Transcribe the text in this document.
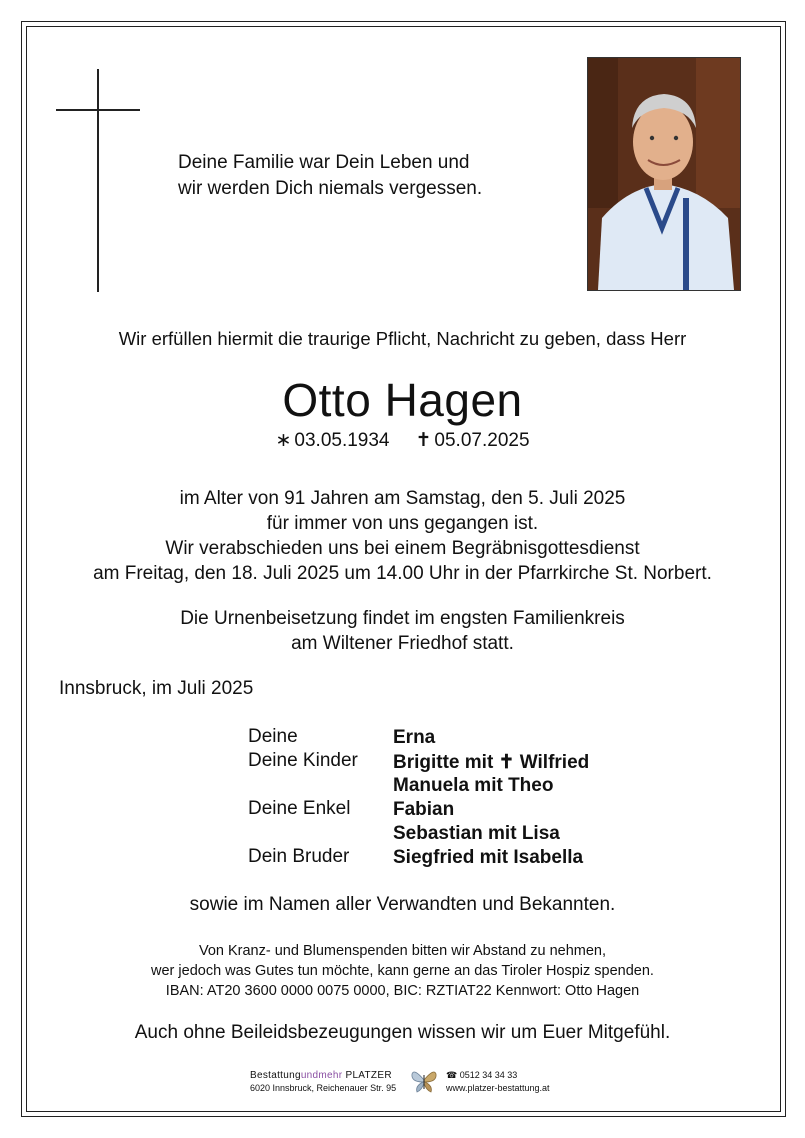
Deine Familie war Dein Leben und
wir werden Dich niemals vergessen.
Wir erfüllen hiermit die traurige Pflicht, Nachricht zu geben, dass Herr
Otto Hagen
∗ 03.05.1934 ✝ 05.07.2025
im Alter von 91 Jahren am Samstag, den 5. Juli 2025
für immer von uns gegangen ist.
Wir verabschieden uns bei einem Begräbnisgottesdienst
am Freitag, den 18. Juli 2025 um 14.00 Uhr in der Pfarrkirche St. Norbert.
Die Urnenbeisetzung findet im engsten Familienkreis
am Wiltener Friedhof statt.
Innsbruck, im Juli 2025
Deine	Erna
Deine Kinder Brigitte mit ✝ Wilfried
Manuela mit Theo
Deine Enkel Fabian
Sebastian mit Lisa
Dein Bruder Siegfried mit Isabella
sowie im Namen aller Verwandten und Bekannten.
Von Kranz- und Blumenspenden bitten wir Abstand zu nehmen,
wer jedoch was Gutes tun möchte, kann gerne an das Tiroler Hospiz spenden.
IBAN: AT20 3600 0000 0075 0000, BIC: RZTIAT22 Kennwort: Otto Hagen
Auch ohne Beileidsbezeugungen wissen wir um Euer Mitgefühl.
Bestattungundmehr PLATZER
6020 Innsbruck, Reichenauer Str. 95
☎ 0512 34 34 33
www.platzer-bestattung.at
